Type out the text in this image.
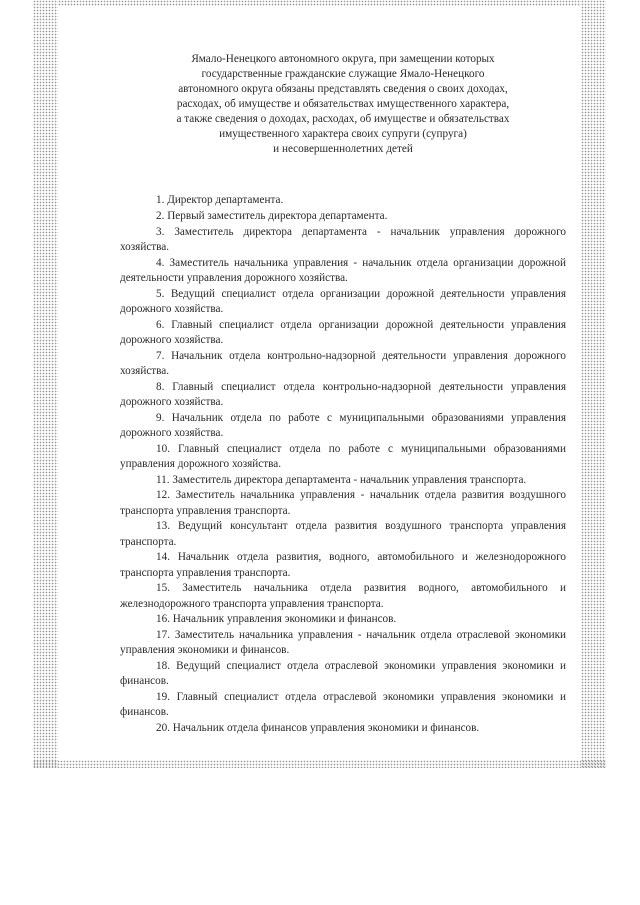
Ямало-Ненецкого автономного округа, при замещении которых
государственные гражданские служащие Ямало-Ненецкого
автономного округа обязаны представлять сведения о своих доходах,
расходах, об имуществе и обязательствах имущественного характера,
а также сведения о доходах, расходах, об имуществе и обязательствах
имущественного характера своих супруги (супруга)
и несовершеннолетних детей

1. Директор департамента.

2. Первый заместитель директора департамента.

3. Заместитель директора департамента - начальник управления дорожного хозяйства.

4. Заместитель начальника управления - начальник отдела организации дорожной деятельности управления дорожного хозяйства.

5. Ведущий специалист отдела организации дорожной деятельности управления дорожного хозяйства.

6. Главный специалист отдела организации дорожной деятельности управления дорожного хозяйства.

7. Начальник отдела контрольно-надзорной деятельности управления дорожного хозяйства.

8. Главный специалист отдела контрольно-надзорной деятельности управления дорожного хозяйства.

9. Начальник отдела по работе с муниципальными образованиями управления дорожного хозяйства.

10. Главный специалист отдела по работе с муниципальными образованиями управления дорожного хозяйства.

11. Заместитель директора департамента - начальник управления транспорта.

12. Заместитель начальника управления - начальник отдела развития воздушного транспорта управления транспорта.

13. Ведущий консультант отдела развития воздушного транспорта управления транспорта.

14. Начальник отдела развития, водного, автомобильного и железнодорожного транспорта управления транспорта.

15. Заместитель начальника отдела развития водного, автомобильного и железнодорожного транспорта управления транспорта.

16. Начальник управления экономики и финансов.

17. Заместитель начальника управления - начальник отдела отраслевой экономики управления экономики и финансов.

18. Ведущий специалист отдела отраслевой экономики управления экономики и финансов.

19. Главный специалист отдела отраслевой экономики управления экономики и финансов.

20. Начальник отдела финансов управления экономики и финансов.
